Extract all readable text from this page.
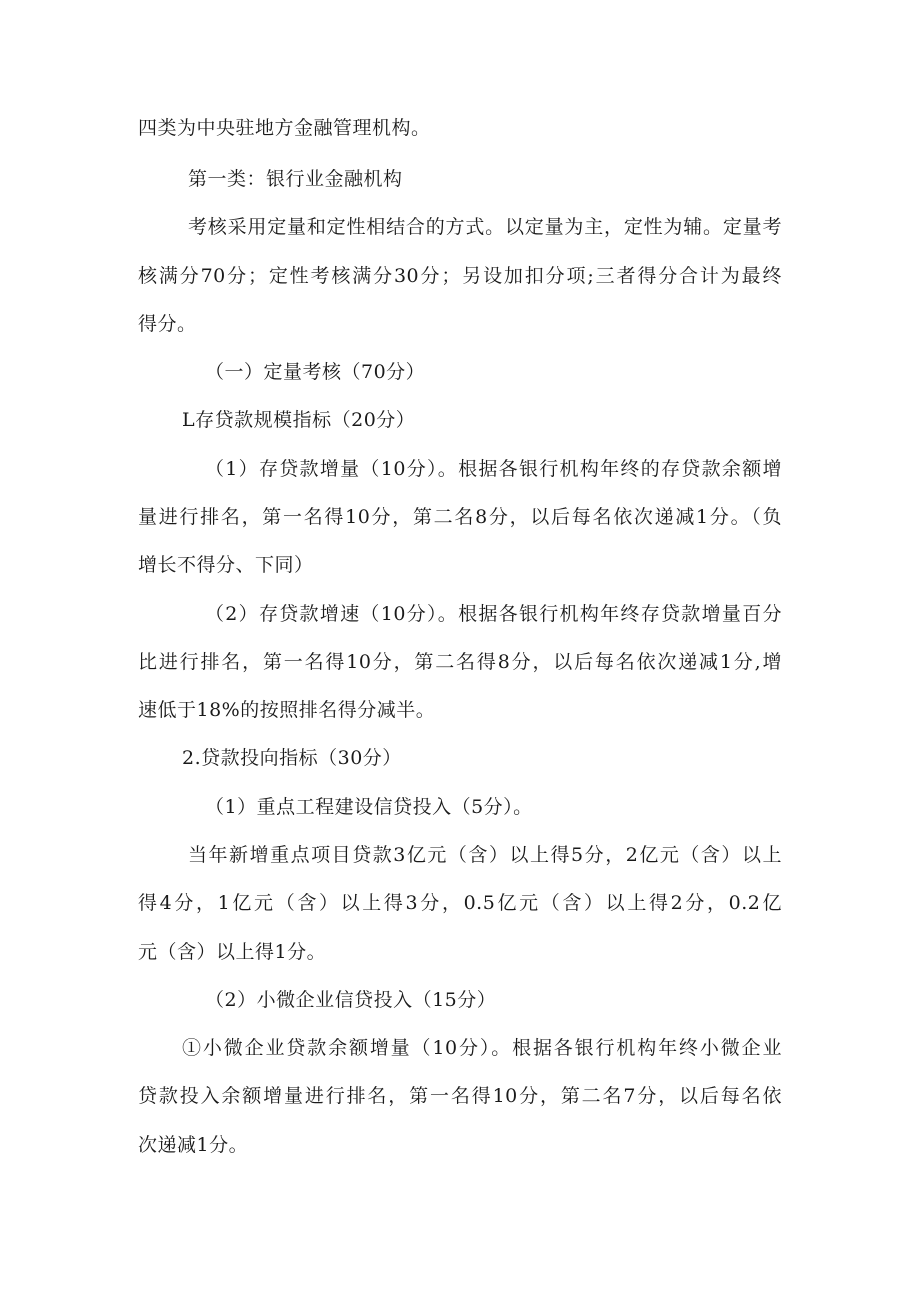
四类为中央驻地方金融管理机构。
第一类：银行业金融机构
考核采用定量和定性相结合的方式。以定量为主，定性为辅。定量考
核满分70分；定性考核满分30分；另设加扣分项;三者得分合计为最终
得分。
（一）定量考核（70分）
L存贷款规模指标（20分）
（1）存贷款增量（10分）。根据各银行机构年终的存贷款余额增
量进行排名，第一名得10分，第二名8分，以后每名依次递减1分。（负
增长不得分、下同）
（2）存贷款增速（10分）。根据各银行机构年终存贷款增量百分
比进行排名，第一名得10分，第二名得8分，以后每名依次递减1分,增
速低于18%的按照排名得分减半。
2.贷款投向指标（30分）
（1）重点工程建设信贷投入（5分）。
当年新增重点项目贷款3亿元（含）以上得5分，2亿元（含）以上
得4分，1亿元（含）以上得3分，0.5亿元（含）以上得2分，0.2亿
元（含）以上得1分。
（2）小微企业信贷投入（15分）
①小微企业贷款余额增量（10分）。根据各银行机构年终小微企业
贷款投入余额增量进行排名，第一名得10分，第二名7分，以后每名依
次递减1分。
